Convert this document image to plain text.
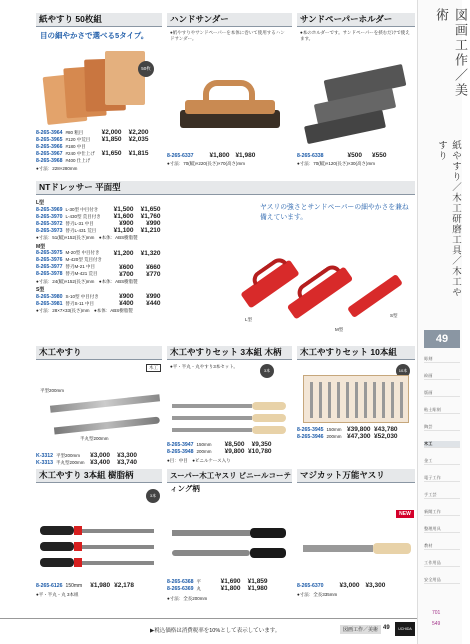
図画工作／美術
紙やすり／木工研磨工具／木工やすり
49
彫刻
絵画
版画
粘土彫刻
陶芸
木工
金工
電子工作
手工芸
新聞工作
整理用具
教材
工作用品
安全用品
701
549
紙やすり 50枚組
目の細やかさで選べる5タイプ。
50枚
8-265-3964 #80 粗目	¥2,000	¥2,200
8-265-3965 #120 中荒目	¥1,850	¥2,035
8-265-3966 #180 中目
8-265-3967 #240 中仕上げ	¥1,650	¥1,815
8-265-3968 #400 仕上げ
●寸法：228×280mm
ハンドサンダー
●紙やすりやサンドペーパーを本体に巻いて使用するハンドサンダー。
8-265-6337 ¥1,800 ¥1,980
●寸法：70(幅)×220(長さ)×70(高さ)mm
サンドペーパーホルダー
●本のホルダーです。サンドペーパーを挟むだけで使えます。
8-265-6338	¥500 ¥550
●寸法：70(幅)×120(長さ)×30(高さ)mm
NTドレッサー 平面型
L型
8-265-3969 L-30型 中目付き	¥1,500	¥1,650
8-265-3970 L-430型 荒目付き	¥1,600	¥1,760
8-265-3972 替刃L-31 中目	¥900	¥990
8-265-3973 替刃L-431 荒目	¥1,100	¥1,210
●寸法：51(幅)×152(長さ)mm　●本体：ABS樹脂製
M型
8-265-3975 M-20型 中目付き	¥1,200	¥1,320
8-265-3976 M-420型 荒目付き
8-265-3977 替刃M-21 中目	¥600	¥660
8-265-3978 替刃M-421 荒目	¥700	¥770
●寸法：24(幅)×152(長さ)mm　●本体：ABS樹脂製
S型
8-265-3980 S-10型 中目付き	¥900	¥990
8-265-3981 替刃S-11 中目	¥400	¥440
●寸法：28×7×33(長さ)mm　●本体：ABS樹脂製
ヤスリの強さとサンドペーパーの細やかさを兼ね備えています。
L型
M型
S型
木工やすり
木工
平型200mm
半丸型200mm
K-3312 平型200mm	¥3,000	¥3,300
K-3313 半丸型200mm ¥3,400	¥3,740
木工やすりセット 3本組 木柄
●平・半丸・丸やすり3本セット。
3本
8-265-3947 150mm	¥8,500	¥9,350
8-265-3948 200mm	¥9,800 ¥10,780
●目：中目　●ビニルケース入り
木工やすりセット 10本組
10本
8-265-3945 150mm ¥39,800 ¥43,780
8-265-3946 200mm ¥47,300 ¥52,030
木工やすり 3本組 樹脂柄
3本
8-265-6126 150mm ¥1,980 ¥2,178
●平・半丸・丸 3本組
スーパー木工ヤスリ ビニールコーティング柄
8-265-6368 平	¥1,690	¥1,859
8-265-6369 丸	¥1,800	¥1,980
●寸法：全長200mm
マジカット万能ヤスリ
NEW
8-265-6370 ¥3,000 ¥3,300
●寸法：全長335mm
▶税込価格は消費税率を10%として表示しています。	図画工作／美術 49	UCHIDA
